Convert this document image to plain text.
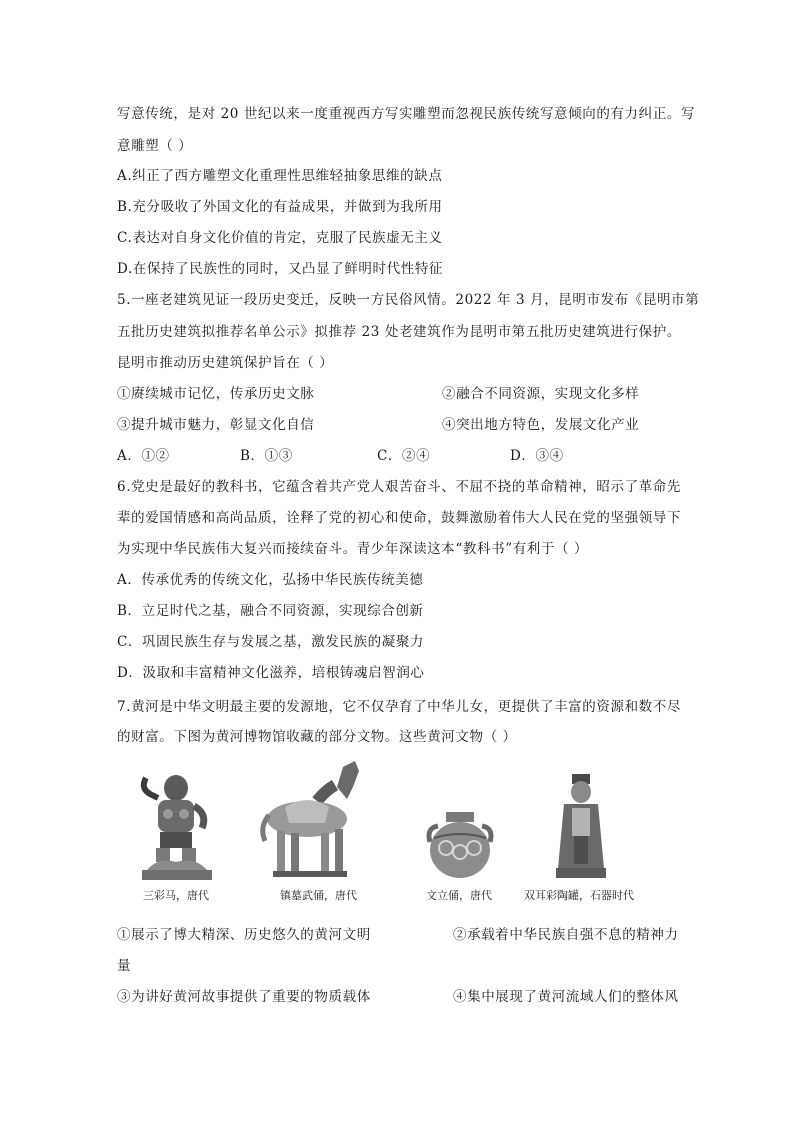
写意传统，是对 20 世纪以来一度重视西方写实雕塑而忽视民族传统写意倾向的有力纠正。写
意雕塑（ ）
A.纠正了西方雕塑文化重理性思维轻抽象思维的缺点
B.充分吸收了外国文化的有益成果，并做到为我所用
C.表达对自身文化价值的肯定，克服了民族虚无主义
D.在保持了民族性的同时，又凸显了鲜明时代性特征
5.一座老建筑见证一段历史变迁，反映一方民俗风情。2022 年 3 月，昆明市发布《昆明市第
五批历史建筑拟推荐名单公示》拟推荐 23 处老建筑作为昆明市第五批历史建筑进行保护。
昆明市推动历史建筑保护旨在（ ）
①赓续城市记忆，传承历史文脉	②融合不同资源，实现文化多样
③提升城市魅力，彰显文化自信	④突出地方特色，发展文化产业
A．①②	B．①③	C．②④	D．③④
6.党史是最好的教科书，它蕴含着共产党人艰苦奋斗、不屈不挠的革命精神，昭示了革命先
辈的爱国情感和高尚品质，诠释了党的初心和使命，鼓舞激励着伟大人民在党的坚强领导下
为实现中华民族伟大复兴而接续奋斗。青少年深读这本“教科书”有利于（ ）
A．传承优秀的传统文化，弘扬中华民族传统美德
B．立足时代之基，融合不同资源，实现综合创新
C．巩固民族生存与发展之基，激发民族的凝聚力
D．汲取和丰富精神文化滋养，培根铸魂启智润心
7.黄河是中华文明最主要的发源地，它不仅孕育了中华儿女，更提供了丰富的资源和数不尽
的财富。下图为黄河博物馆收藏的部分文物。这些黄河文物（ ）
三彩马，唐代	镇墓武俑，唐代	文立俑，唐代	双耳彩陶罐，石器时代
①展示了博大精深、历史悠久的黄河文明	②承载着中华民族自强不息的精神力
量
③为讲好黄河故事提供了重要的物质载体	④集中展现了黄河流域人们的整体风
